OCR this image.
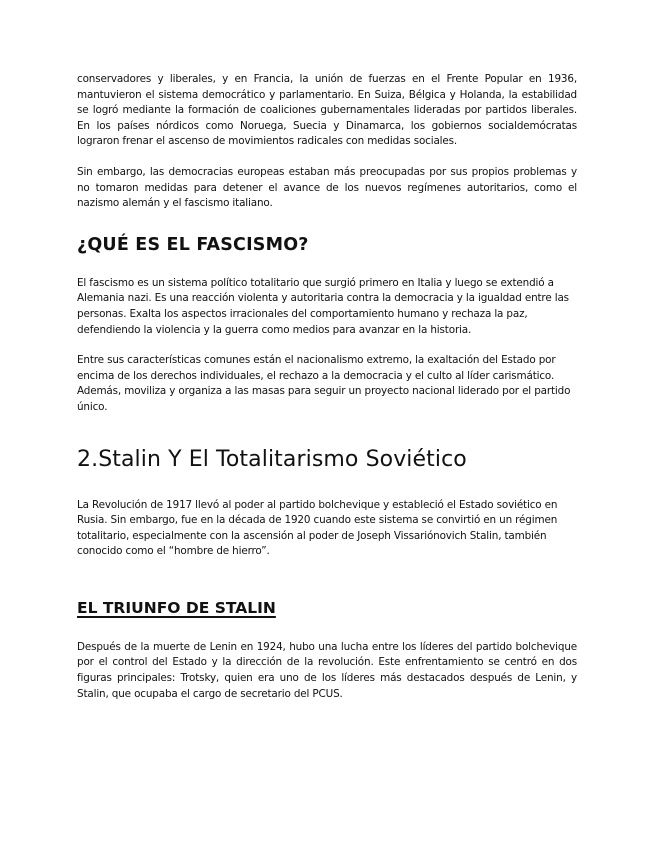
conservadores y liberales, y en Francia, la unión de fuerzas en el Frente Popular en 1936, mantuvieron el sistema democrático y parlamentario. En Suiza, Bélgica y Holanda, la estabilidad se logró mediante la formación de coaliciones gubernamentales lideradas por partidos liberales. En los países nórdicos como Noruega, Suecia y Dinamarca, los gobiernos socialdemócratas lograron frenar el ascenso de movimientos radicales con medidas sociales.

Sin embargo, las democracias europeas estaban más preocupadas por sus propios problemas y no tomaron medidas para detener el avance de los nuevos regímenes autoritarios, como el nazismo alemán y el fascismo italiano.

¿QUÉ ES EL FASCISMO?

El fascismo es un sistema político totalitario que surgió primero en Italia y luego se extendió a Alemania nazi. Es una reacción violenta y autoritaria contra la democracia y la igualdad entre las personas. Exalta los aspectos irracionales del comportamiento humano y rechaza la paz, defendiendo la violencia y la guerra como medios para avanzar en la historia.

Entre sus características comunes están el nacionalismo extremo, la exaltación del Estado por encima de los derechos individuales, el rechazo a la democracia y el culto al líder carismático. Además, moviliza y organiza a las masas para seguir un proyecto nacional liderado por el partido único.

2.Stalin Y El Totalitarismo Soviético

La Revolución de 1917 llevó al poder al partido bolchevique y estableció el Estado soviético en Rusia. Sin embargo, fue en la década de 1920 cuando este sistema se convirtió en un régimen totalitario, especialmente con la ascensión al poder de Joseph Vissariónovich Stalin, también conocido como el “hombre de hierro”.

EL TRIUNFO DE STALIN

Después de la muerte de Lenin en 1924, hubo una lucha entre los líderes del partido bolchevique por el control del Estado y la dirección de la revolución. Este enfrentamiento se centró en dos figuras principales: Trotsky, quien era uno de los líderes más destacados después de Lenin, y Stalin, que ocupaba el cargo de secretario del PCUS.
